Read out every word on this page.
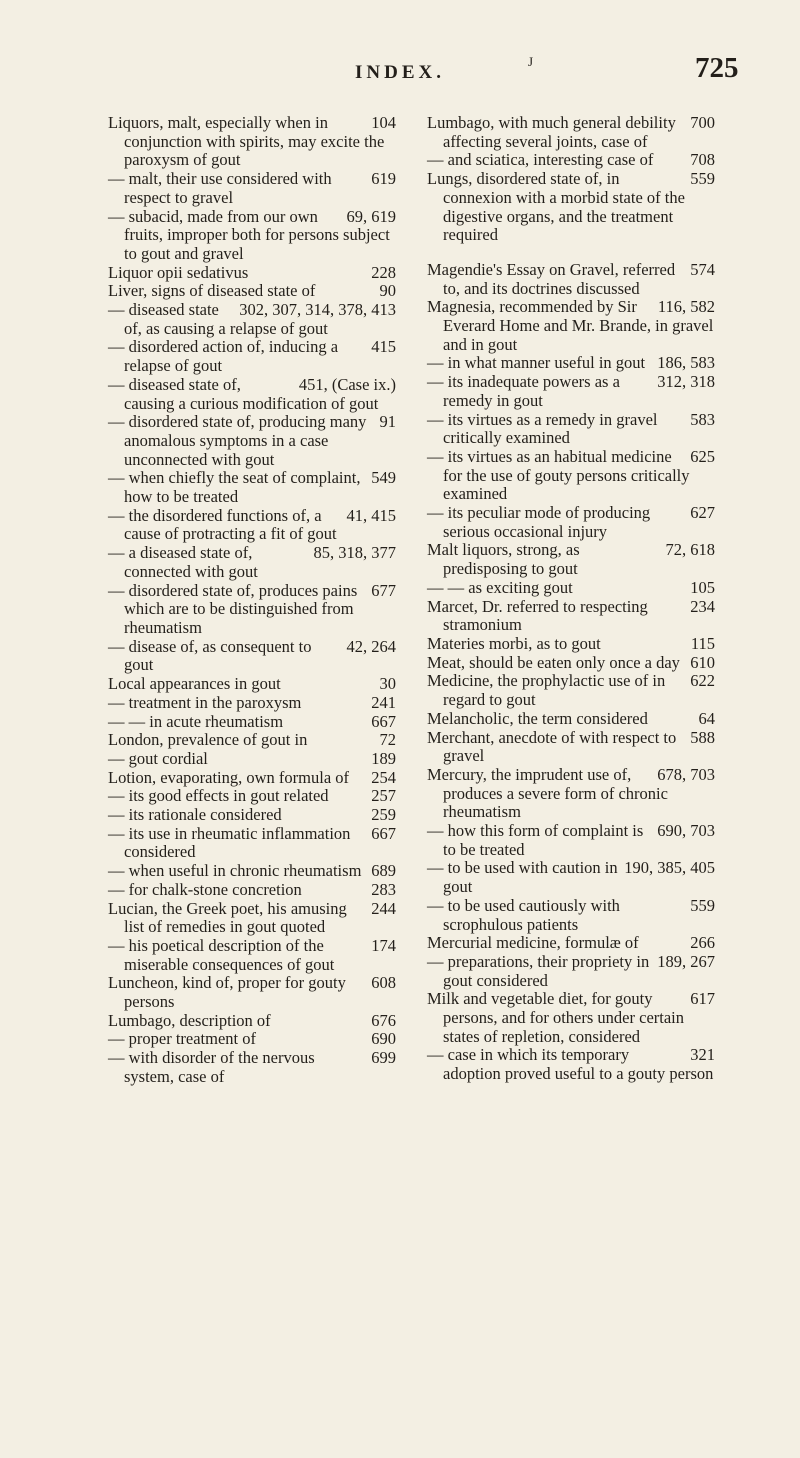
INDEX.
J	725
104
Liquors, malt, especially when in conjunction with spirits, may excite the paroxysm of gout
619
— malt, their use considered with respect to gravel
69, 619
— subacid, made from our own fruits, improper both for persons subject to gout and gravel
228
Liquor opii sedativus
90
Liver, signs of diseased state of
302, 307, 314, 378, 413
— diseased state of, as causing a relapse of gout
415
— disordered action of, inducing a relapse of gout
451, (Case ix.)
— diseased state of, causing a curious modification of gout
91
— disordered state of, producing many anomalous symptoms in a case unconnected with gout
549
— when chiefly the seat of complaint, how to be treated
41, 415
— the disordered functions of, a cause of protracting a fit of gout
85, 318, 377
— a diseased state of, connected with gout
677
— disordered state of, produces pains which are to be distinguished from rheumatism
42, 264
— disease of, as consequent to gout
30
Local appearances in gout
241
— treatment in the paroxysm
667
— — in acute rheumatism
72
London, prevalence of gout in
189
— gout cordial
254
Lotion, evaporating, own formula of
257
— its good effects in gout related
259
— its rationale considered
667
— its use in rheumatic inflammation considered
689
— when useful in chronic rheumatism
283
— for chalk-stone concretion
244
Lucian, the Greek poet, his amusing list of remedies in gout quoted
174
— his poetical description of the miserable consequences of gout
608
Luncheon, kind of, proper for gouty persons
676
Lumbago, description of
690
— proper treatment of
699
— with disorder of the nervous system, case of
700
Lumbago, with much general debility affecting several joints, case of
708
— and sciatica, interesting case of
559
Lungs, disordered state of, in connexion with a morbid state of the digestive organs, and the treatment required
574
Magendie's Essay on Gravel, referred to, and its doctrines discussed
116, 582
Magnesia, recommended by Sir Everard Home and Mr. Brande, in gravel and in gout
186, 583
— in what manner useful in gout
312, 318
— its inadequate powers as a remedy in gout
583
— its virtues as a remedy in gravel critically examined
625
— its virtues as an habitual medicine for the use of gouty persons critically examined
627
— its peculiar mode of producing serious occasional injury
72, 618
Malt liquors, strong, as predisposing to gout
105
— — as exciting gout
234
Marcet, Dr. referred to respecting stramonium
115
Materies morbi, as to gout
610
Meat, should be eaten only once a day
622
Medicine, the prophylactic use of in regard to gout
64
Melancholic, the term considered
588
Merchant, anecdote of with respect to gravel
678, 703
Mercury, the imprudent use of, produces a severe form of chronic rheumatism
690, 703
— how this form of complaint is to be treated
190, 385, 405
— to be used with caution in gout
559
— to be used cautiously with scrophulous patients
266
Mercurial medicine, formulæ of
189, 267
— preparations, their propriety in gout considered
617
Milk and vegetable diet, for gouty persons, and for others under certain states of repletion, considered
321
— case in which its temporary adoption proved useful to a gouty person
